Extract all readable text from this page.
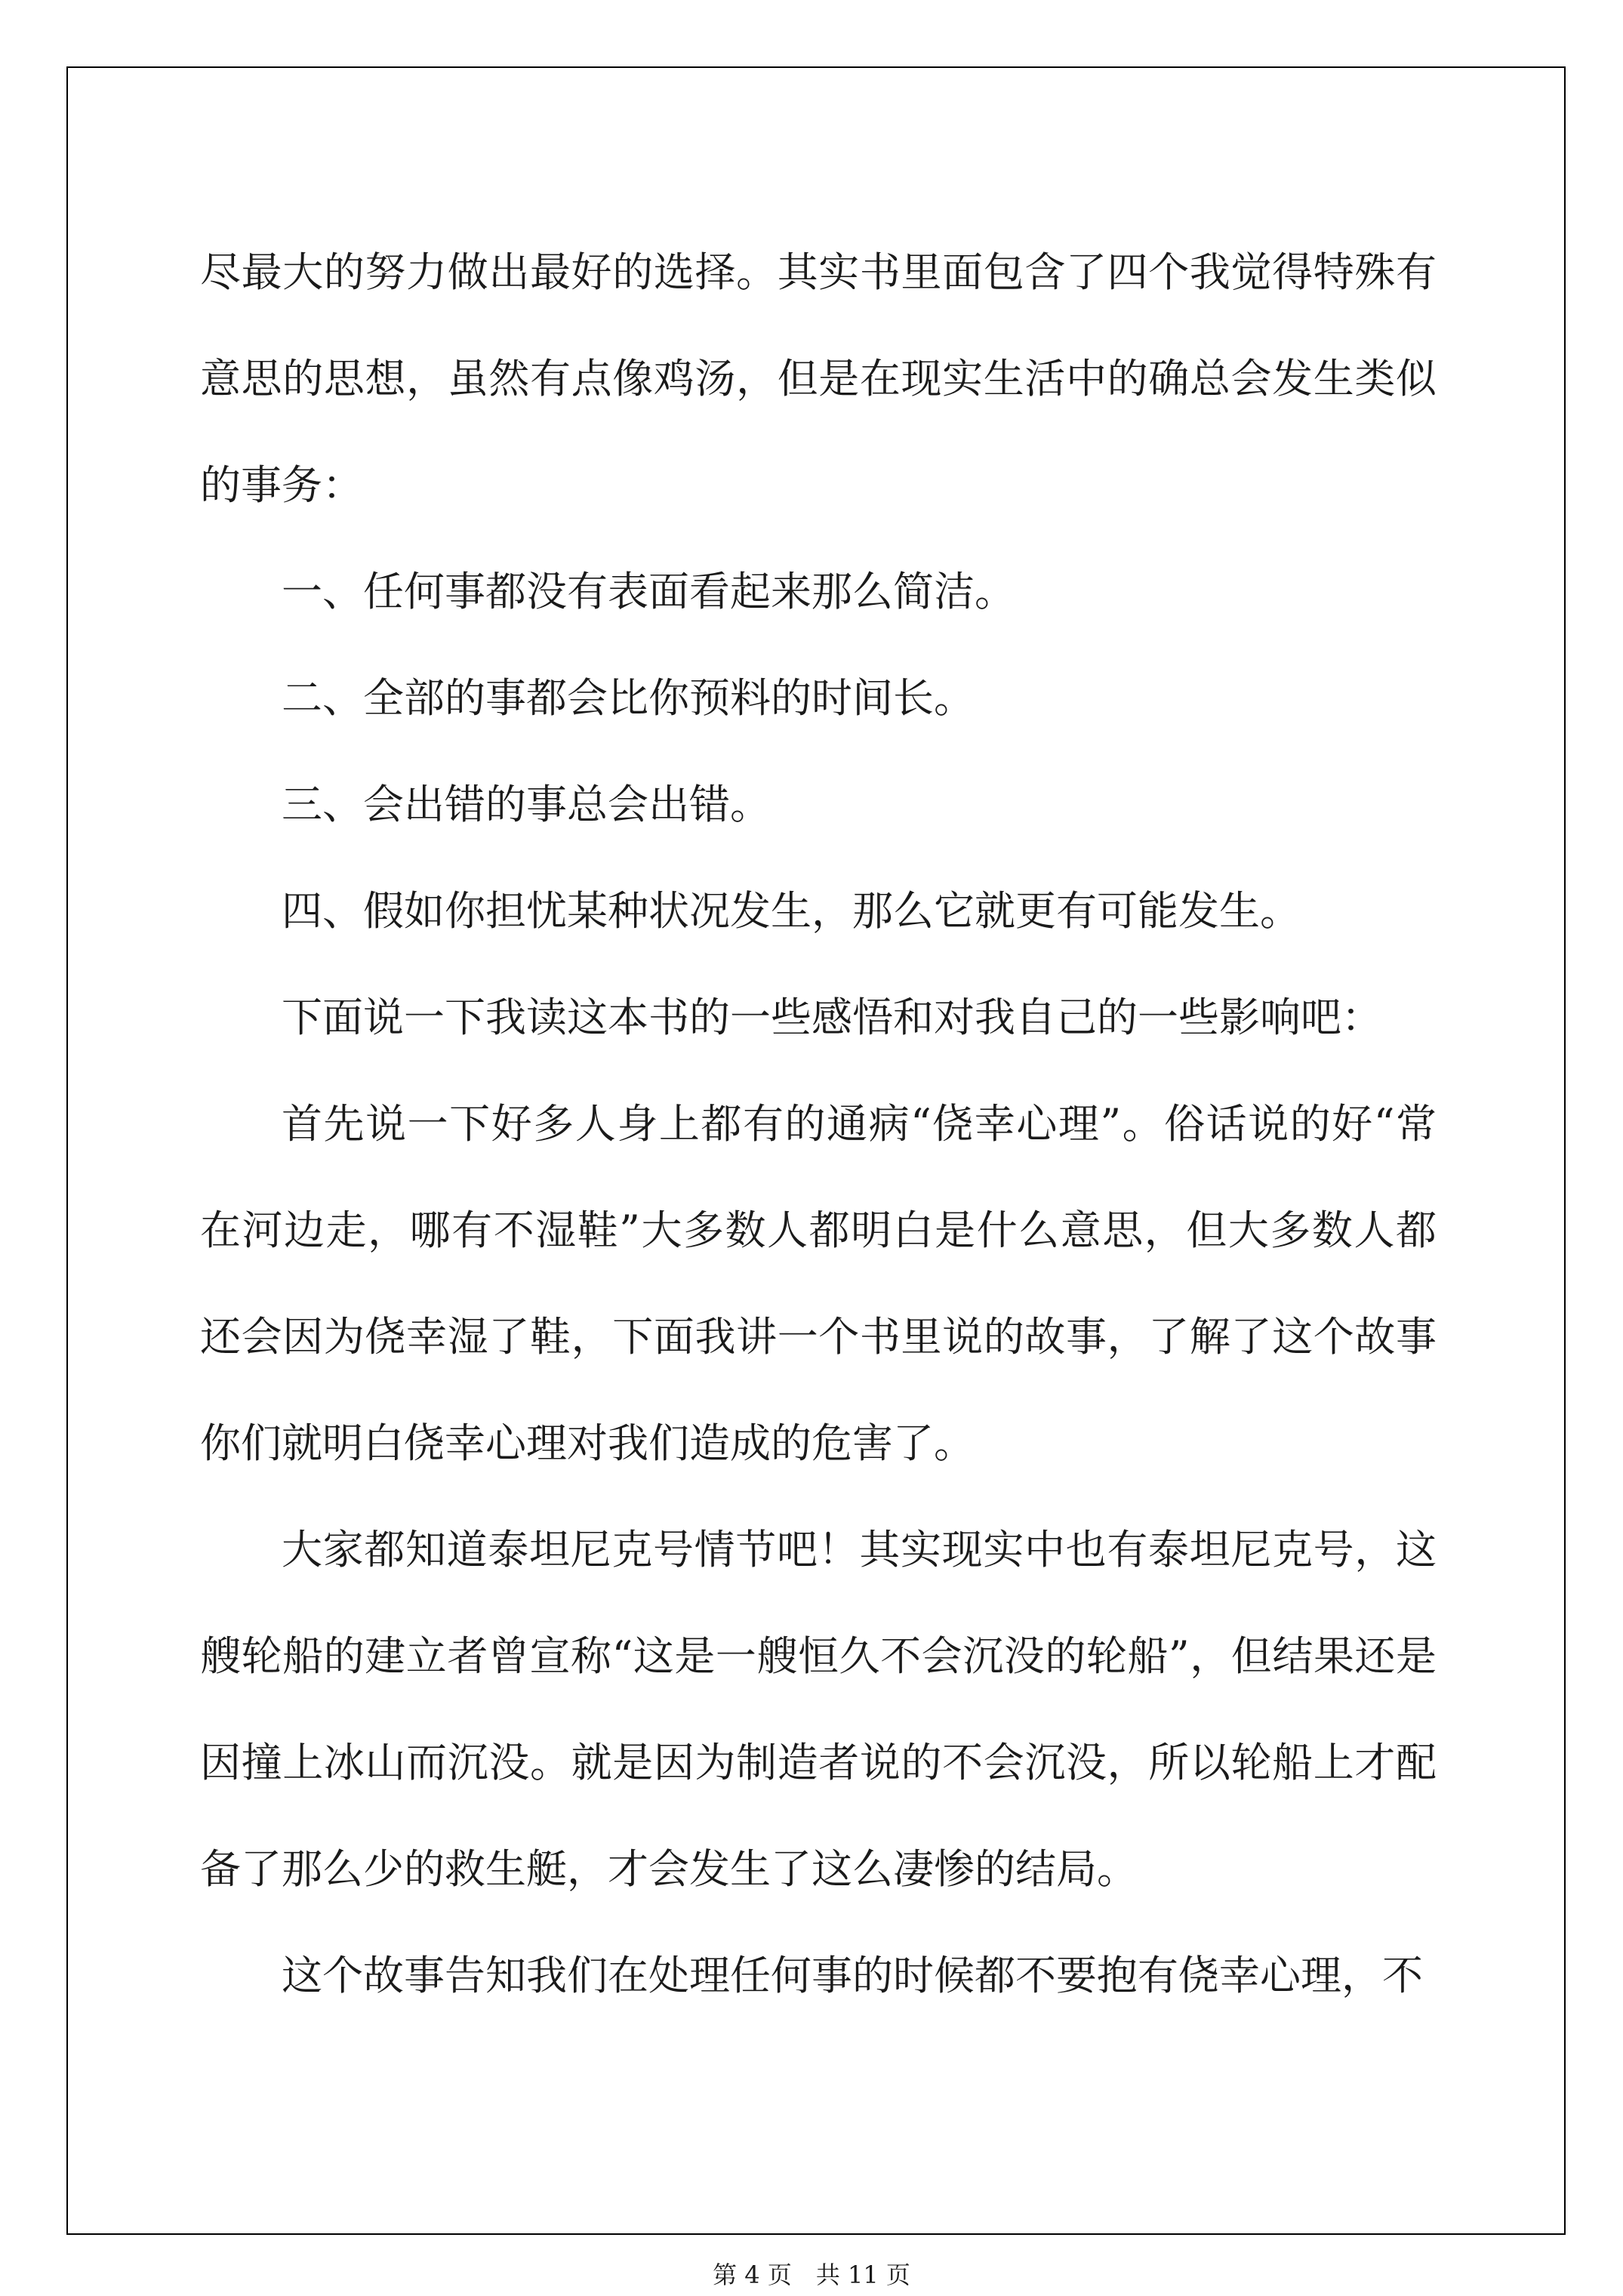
尽最大的努力做出最好的选择。其实书里面包含了四个我觉得特殊有意思的思想，虽然有点像鸡汤，但是在现实生活中的确总会发生类似的事务：

一、任何事都没有表面看起来那么简洁。

二、全部的事都会比你预料的时间长。

三、会出错的事总会出错。

四、假如你担忧某种状况发生，那么它就更有可能发生。

下面说一下我读这本书的一些感悟和对我自己的一些影响吧：

首先说一下好多人身上都有的通病“侥幸心理”。俗话说的好“常在河边走，哪有不湿鞋”大多数人都明白是什么意思，但大多数人都还会因为侥幸湿了鞋，下面我讲一个书里说的故事，了解了这个故事你们就明白侥幸心理对我们造成的危害了。

大家都知道泰坦尼克号情节吧！其实现实中也有泰坦尼克号，这艘轮船的建立者曾宣称“这是一艘恒久不会沉没的轮船”，但结果还是因撞上冰山而沉没。就是因为制造者说的不会沉没，所以轮船上才配备了那么少的救生艇，才会发生了这么凄惨的结局。

这个故事告知我们在处理任何事的时候都不要抱有侥幸心理，不

第 4 页　共 11 页
